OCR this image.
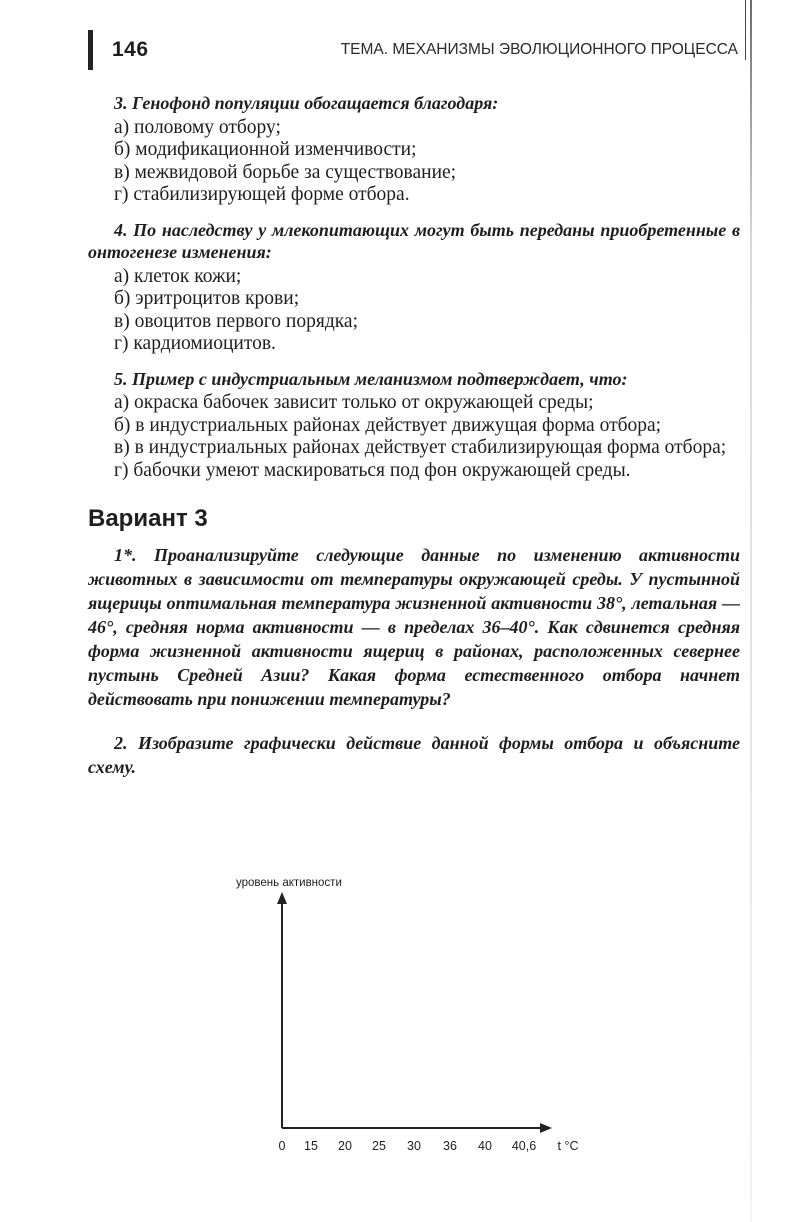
146	ТЕМА. МЕХАНИЗМЫ ЭВОЛЮЦИОННОГО ПРОЦЕССА

3. Генофонд популяции обогащается благодаря:

а) половому отбору;

б) модификационной изменчивости;

в) межвидовой борьбе за существование;

г) стабилизирующей форме отбора.

4. По наследству у млекопитающих могут быть переданы приобретенные в онтогенезе изменения:

а) клеток кожи;

б) эритроцитов крови;

в) овоцитов первого порядка;

г) кардиомиоцитов.

5. Пример с индустриальным меланизмом подтверждает, что:

а) окраска бабочек зависит только от окружающей среды;

б) в индустриальных районах действует движущая форма отбора;

в) в индустриальных районах действует стабилизирующая форма отбора;

г) бабочки умеют маскироваться под фон окружающей среды.

Вариант 3

1*. Проанализируйте следующие данные по изменению активности животных в зависимости от температуры окружающей среды. У пустынной ящерицы оптимальная температура жизненной активности 38°, летальная — 46°, средняя норма активности — в пределах 36–40°. Как сдвинется средняя форма жизненной активности ящериц в районах, расположенных севернее пустынь Средней Азии? Какая форма естественного отбора начнет действовать при понижении температуры?

2. Изобразите графически действие данной формы отбора и объясните схему.

уровень активности
0 15 20 25 30 36 40 40,6 t °C
